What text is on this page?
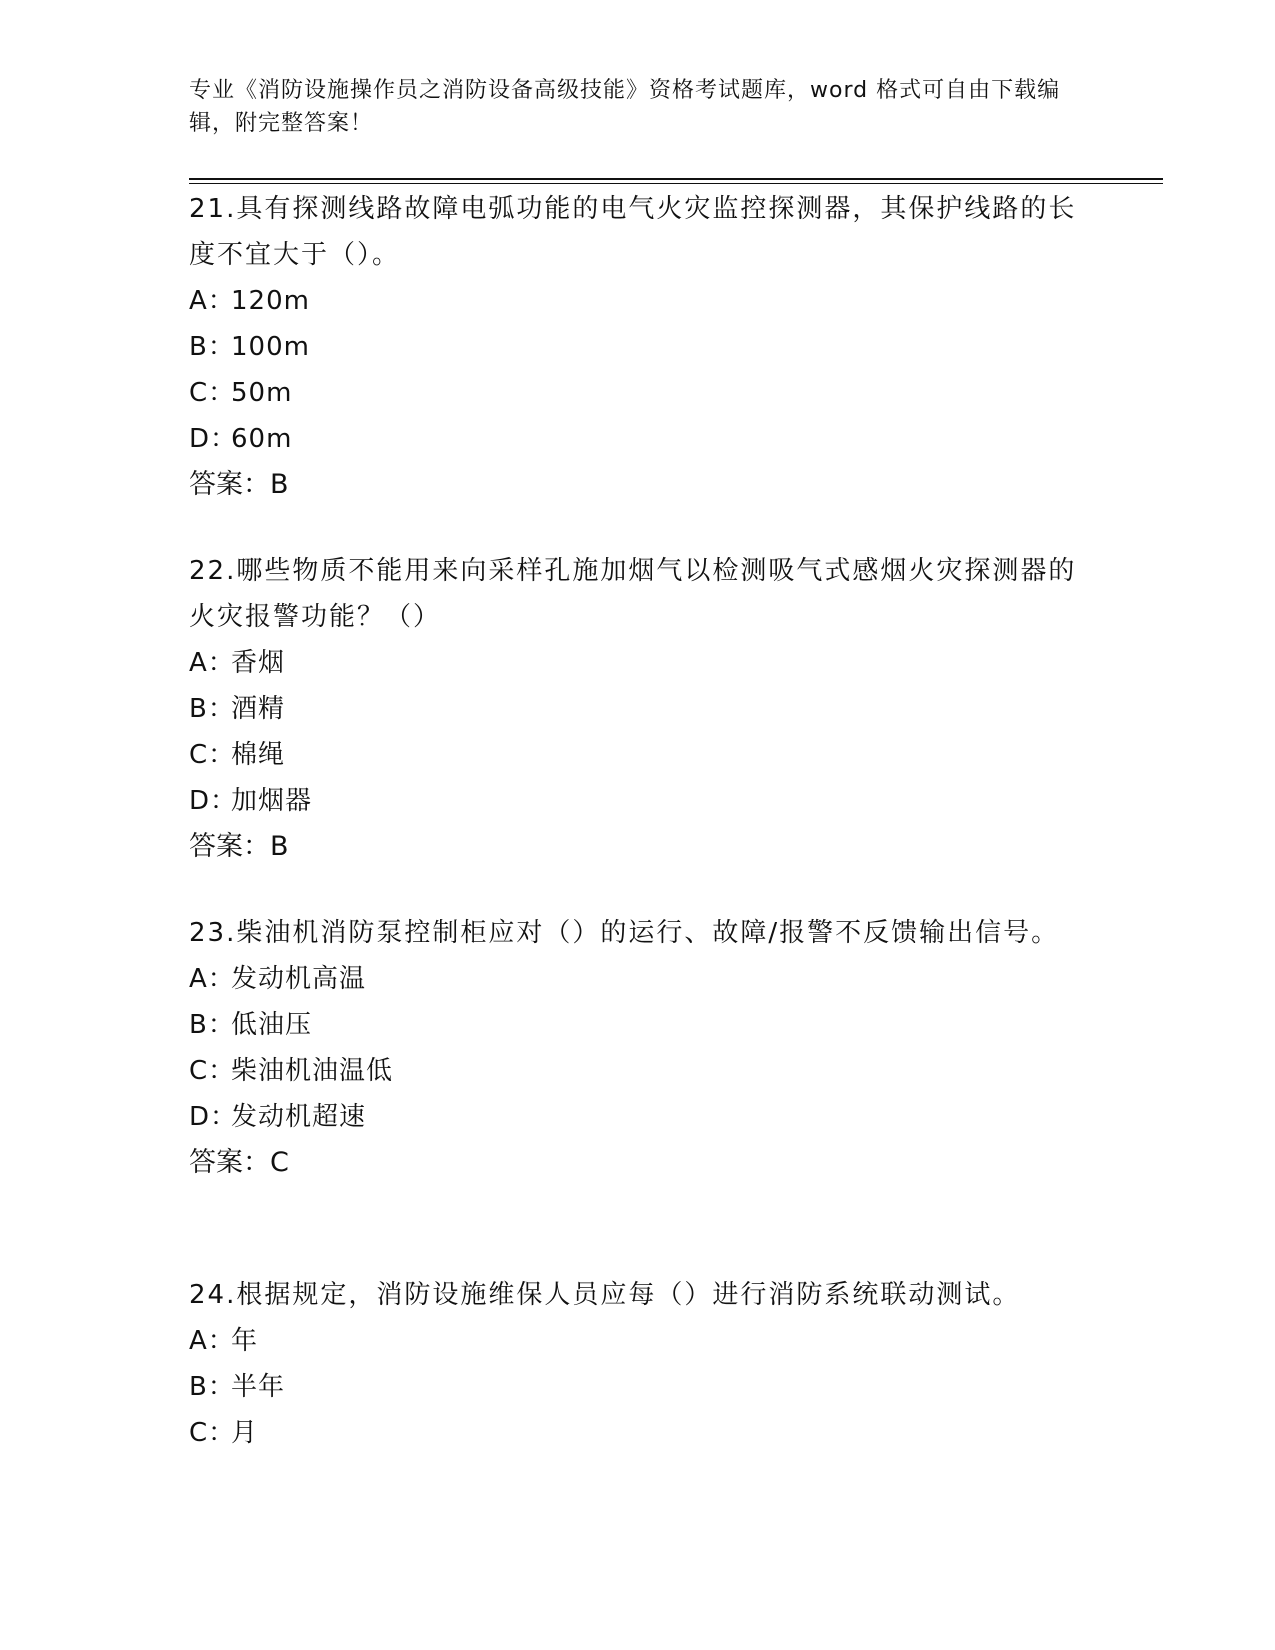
专业《消防设施操作员之消防设备高级技能》资格考试题库，word 格式可自由下载编辑，附完整答案！

21.具有探测线路故障电弧功能的电气火灾监控探测器，其保护线路的长度不宜大于（）。

A：120m

B：100m

C：50m

D：60m

答案：B

22.哪些物质不能用来向采样孔施加烟气以检测吸气式感烟火灾探测器的火灾报警功能？（）

A：香烟

B：酒精

C：棉绳

D：加烟器

答案：B

23.柴油机消防泵控制柜应对（）的运行、故障/报警不反馈输出信号。

A：发动机高温

B：低油压

C：柴油机油温低

D：发动机超速

答案：C

24.根据规定，消防设施维保人员应每（）进行消防系统联动测试。

A：年

B：半年

C：月
